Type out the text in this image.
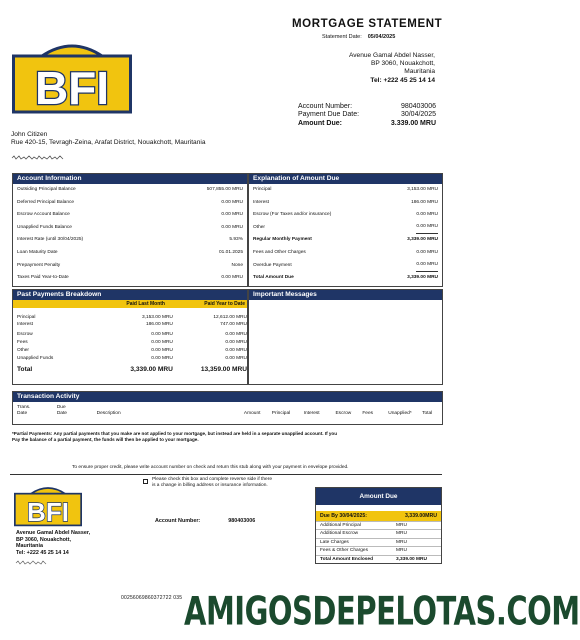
MORTGAGE STATEMENT
Statement Date: 05/04/2025
BFI
Avenue Gamal Abdel Nasser,
BP 3060, Nouakchott,
Mauritania
Tel: +222 45 25 14 14
Account Number:	980403006
Payment Due Date:	30/04/2025
Amount Due:	3.339.00 MRU
John Citizen
Rue 420-15, Tevragh-Zeina, Arafat District, Nouakchott, Mauritania
Account Information
Outsiding Principal Balance	507,855.00 MRU
Deferred Principal Balance	0.00 MRU
Escrow Account Balance	0.00 MRU
Unapplied Funds Balance	0.00 MRU
Interest Rate (until 30/04/2025)	5.93%
Loan Maturity Date	01.01.2025
Prepayment Penalty	None
Taxes Paid Year-to-Date	0.00 MRU
Explanation of Amount Due
Principal	3,153.00 MRU
Interest	186.00 MRU
Escrow (For Taxes and/or insurance)	0.00 MRU
Other	0.00 MRU
Regular Monthly Payment	3,339.00 MRU
Fees and Other Charges	0.00 MRU
Overdue Payment	0.00 MRU
Total Amount Due	3,339.00 MRU
Past Payments Breakdown
Paid Last Month	Paid Year to Date
Principal	3,153.00 MRU	12,612.00 MRU
Interest	186.00 MRU	747.00 MRU
Escrow	0.00 MRU	0.00 MRU
Fees	0.00 MRU	0.00 MRU
Other	0.00 MRU	0.00 MRU
Unapplied Funds	0.00 MRU	0.00 MRU
Total	3,339.00 MRU	13,359.00 MRU
Important Messages
Transaction Activity
Trans.
Date
Due
Date	Description	Amount	Principal	Interest	Escrow	Fees	Unapplied*	Total
*Partial Payments: Any partial payments that you make are not applied to your mortgage, but instead are held in a separate unapplied account. If you
Pay the balance of a partial payment, the funds will then be applied to your mortgage.
To ensure proper credit, please write account number on check and return this stub along with your payment in envelope provided.
Please check this box and complete reverse side if there
is a change in billing address or insurance information.
BFI	Account Number:	980403006
Avenue Gamal Abdel Nasser,
BP 3060, Nouakchott,
Mauritania
Tel: +222 45 25 14 14
Amount Due
Due By 30/04/2025:	3,339.00MRU
Additional Principal	MRU
Additional Escrow	MRU
Late Charges	MRU
Fees & Other Charges	MRU
Total Amount Enclosed	3,339.00 MRU
00256069860372722 035 AMIGOSDEPELOTAS.COM
